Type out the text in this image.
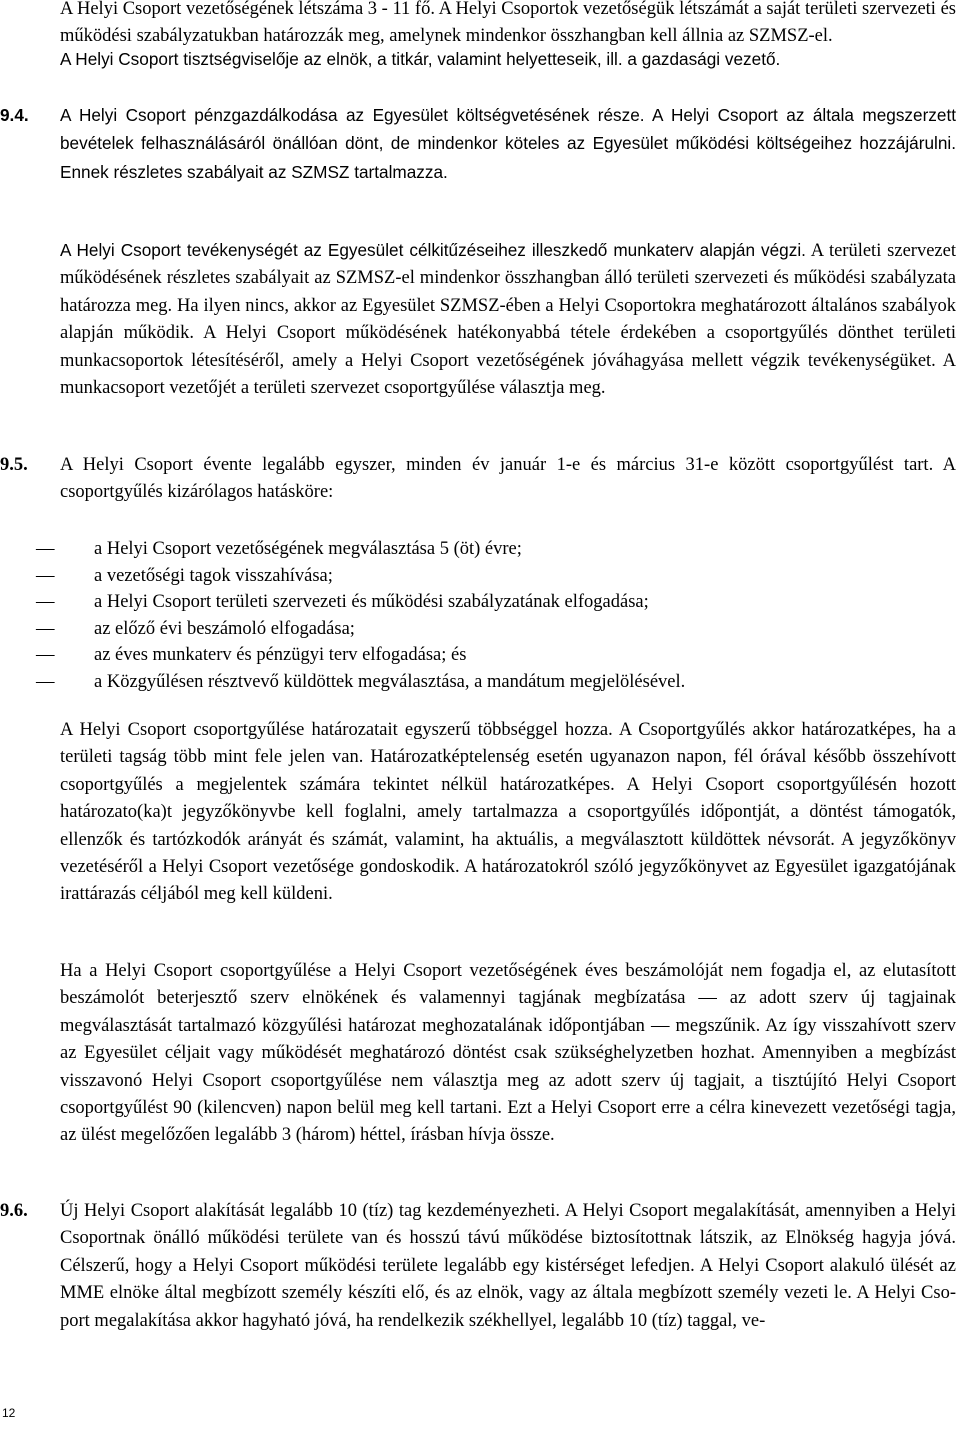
A Helyi Csoport vezetőségének létszáma 3 - 11 fő. A Helyi Csoportok vezetőségük létszámát a saját területi szervezeti és működési szabályzatukban határozzák meg, amelynek mindenkor összhangban kell állnia az SZMSZ-el.

A Helyi Csoport tisztségviselője az elnök, a titkár, valamint helyetteseik, ill. a gazdasági vezető.

9.4. A Helyi Csoport pénzgazdálkodása az Egyesület költségvetésének része. A Helyi Csoport az általa megszerzett bevételek felhasználásáról önállóan dönt, de mindenkor köteles az Egyesület működési költségeihez hozzájárulni. Ennek részletes szabályait az SZMSZ tartalmazza.

A Helyi Csoport tevékenységét az Egyesület célkitűzéseihez illeszkedő munkaterv alapján végzi. A területi szervezet működésének részletes szabályait az SZMSZ-el mindenkor összhangban álló területi szervezeti és működési szabályzata határozza meg. Ha ilyen nincs, akkor az Egyesület SZMSZ-ében a Helyi Csoportokra meghatározott általános szabályok alapján működik. A Helyi Csoport működésének hatékonyabbá tétele érdekében a csoportgyűlés dönthet területi munkacsoportok létesítéséről, amely a Helyi Csoport vezetőségének jóváhagyása mellett végzik tevékenységüket. A munkacsoport vezetőjét a területi szervezet csoportgyűlése választja meg.

9.5. A Helyi Csoport évente legalább egyszer, minden év január 1-e és március 31-e között csoportgyűlést tart. A csoportgyűlés kizárólagos hatásköre:

― a Helyi Csoport vezetőségének megválasztása 5 (öt) évre;
― a vezetőségi tagok visszahívása;
― a Helyi Csoport területi szervezeti és működési szabályzatának elfogadása;
― az előző évi beszámoló elfogadása;
― az éves munkaterv és pénzügyi terv elfogadása; és
― a Közgyűlésen résztvevő küldöttek megválasztása, a mandátum megjelölésével.

A Helyi Csoport csoportgyűlése határozatait egyszerű többséggel hozza. A Csoportgyűlés akkor határozatképes, ha a területi tagság több mint fele jelen van. Határozatképtelenség esetén ugyanazon napon, fél órával később összehívott csoportgyűlés a megjelentek számára tekintet nélkül határozatképes. A Helyi Csoport csoportgyűlésén hozott határozato(ka)t jegyzőkönyvbe kell foglalni, amely tartalmazza a csoportgyűlés időpontját, a döntést támogatók, ellenzők és tartózkodók arányát és számát, valamint, ha aktuális, a megválasztott küldöttek névsorát. A jegyzőkönyv vezetéséről a Helyi Csoport vezetősége gondoskodik. A határozatokról szóló jegyzőkönyvet az Egyesület igazgatójának irattárazás céljából meg kell küldeni.

Ha a Helyi Csoport csoportgyűlése a Helyi Csoport vezetőségének éves beszámolóját nem fogadja el, az elutasított beszámolót beterjesztő szerv elnökének és valamennyi tagjának megbízatása ― az adott szerv új tagjainak megválasztását tartalmazó közgyűlési határozat meghozatalának időpontjában ― megszűnik. Az így visszahívott szerv az Egyesület céljait vagy működését meghatározó döntést csak szükséghelyzetben hozhat. Amennyiben a megbízást visszavonó Helyi Csoport csoportgyűlése nem választja meg az adott szerv új tagjait, a tisztújító Helyi Csoport csoportgyűlést 90 (kilencven) napon belül meg kell tartani. Ezt a Helyi Csoport erre a célra kinevezett vezetőségi tagja, az ülést megelőzően legalább 3 (három) héttel, írásban hívja össze.

9.6. Új Helyi Csoport alakítását legalább 10 (tíz) tag kezdeményezheti. A Helyi Csoport megalakítását, amennyiben a Helyi Csoportnak önálló működési területe van és hosszú távú működése biztosítottnak látszik, az Elnökség hagyja jóvá. Célszerű, hogy a Helyi Csoport működési területe legalább egy kistérséget lefedjen. A Helyi Csoport alakuló ülését az MME elnöke által megbízott személy készíti elő, és az elnök, vagy az általa megbízott személy vezeti le. A Helyi Csoport megalakítása akkor hagyható jóvá, ha rendelkezik székhellyel, legalább 10 (tíz) taggal, ve-

12
